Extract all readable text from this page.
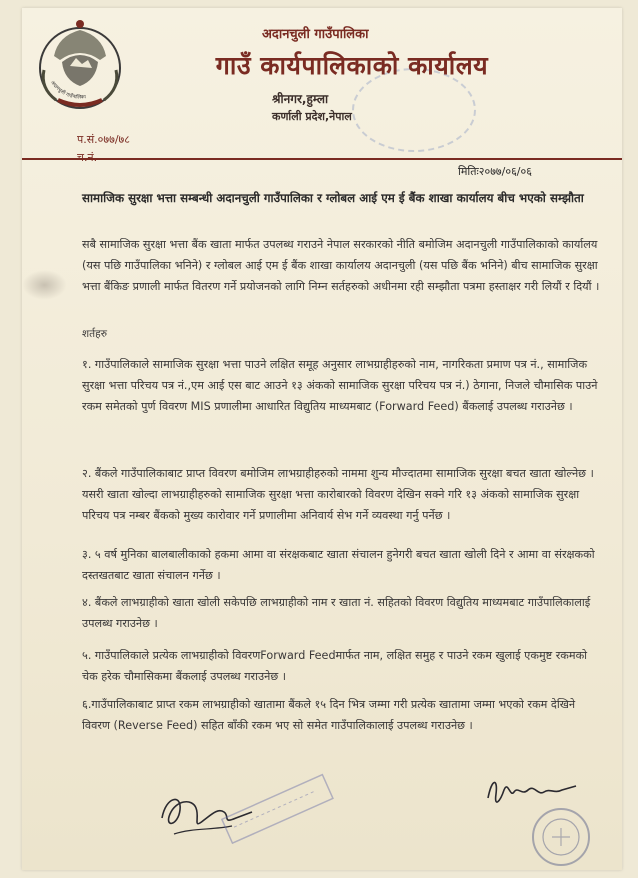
अदानचुली गाउँपालिका
अदानचुली गाउँपालिका
गाउँ कार्यपालिकाको कार्यालय
श्रीनगर,हुम्ला
कर्णाली प्रदेश,नेपाल
प.सं.०७७/७८
मितिः२०७७/०६/०६
सामाजिक सुरक्षा भत्ता सम्बन्धी अदानचुली गाउँपालिका र ग्लोबल आई एम ई बैंक शाखा कार्यालय बीच भएको सम्झौता
सबै सामाजिक सुरक्षा भत्ता बैंक खाता मार्फत उपलब्ध गराउने नेपाल सरकारको नीति बमोजिम अदानचुली गाउँपालिकाको कार्यालय (यस पछि गाउँपालिका भनिने) र ग्लोबल आई एम ई बैंक शाखा कार्यालय अदानचुली (यस पछि बैंक भनिने) बीच सामाजिक सुरक्षा भत्ता बैंकिङ प्रणाली मार्फत वितरण गर्ने प्रयोजनको लागि निम्न सर्तहरुको अधीनमा रही सम्झौता पत्रमा हस्ताक्षर गरी लियौं र दियौं ।
शर्तहरु
१. गाउँपालिकाले सामाजिक सुरक्षा भत्ता पाउने लक्षित समूह अनुसार लाभग्राहीहरुको नाम, नागरिकता प्रमाण पत्र नं., सामाजिक सुरक्षा भत्ता परिचय पत्र नं.,एम आई एस बाट आउने १३ अंकको सामाजिक सुरक्षा परिचय पत्र नं.) ठेगाना, निजले चौमासिक पाउने रकम समेतको पुर्ण विवरण MIS प्रणालीमा आधारित विद्युतिय माध्यमबाट (Forward Feed) बैंकलाई उपलब्ध गराउनेछ ।
२. बैंकले गाउँपालिकाबाट प्राप्त विवरण बमोजिम लाभग्राहीहरुको नाममा शुन्य मौज्दातमा सामाजिक सुरक्षा बचत खाता खोल्नेछ । यसरी खाता खोल्दा लाभग्राहीहरुको सामाजिक सुरक्षा भत्ता कारोबारको विवरण देखिन सक्ने गरि १३ अंकको सामाजिक सुरक्षा परिचय पत्र नम्बर बैंकको मुख्य कारोवार गर्ने प्रणालीमा अनिवार्य सेभ गर्ने व्यवस्था गर्नु पर्नेछ ।
३. ५ वर्ष मुनिका बालबालीकाको हकमा आमा वा संरक्षकबाट खाता संचालन हुनेगरी बचत खाता खोली दिने र आमा वा संरक्षकको दस्तखतबाट खाता संचालन गर्नेछ ।
४. बैंकले लाभग्राहीको खाता खोली सकेपछि लाभग्राहीको नाम र खाता नं. सहितको विवरण विद्युतिय माध्यमबाट गाउँपालिकालाई उपलब्ध गराउनेछ ।
५. गाउँपालिकाले प्रत्येक लाभग्राहीको विवरणForward Feedमार्फत नाम, लक्षित समुह र पाउने रकम खुलाई एकमुष्ट रकमको चेक हरेक चौमासिकमा बैंकलाई उपलब्ध गराउनेछ ।
६.गाउँपालिकाबाट प्राप्त रकम लाभग्राहीको खातामा बैंकले १५ दिन भित्र जम्मा गरी प्रत्येक खातामा जम्मा भएको रकम देखिने विवरण (Reverse Feed) सहित बाँकी रकम भए सो समेत गाउँपालिकालाई उपलब्ध गराउनेछ ।
